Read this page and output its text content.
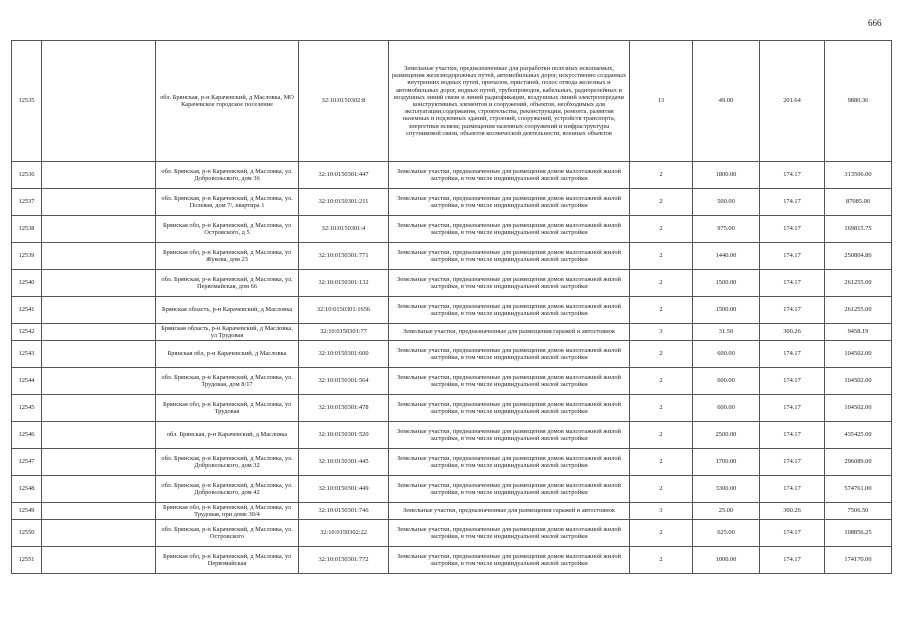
666
12535		обл. Брянская, р-н Карачевский, д Масловка, МО Карачевское городское поселение	32:10:0150302:8	Земельные участки, предназначенные для разработки полезных ископаемых, размещения железнодорожных путей, автомобильных дорог, искусственно созданных внутренних водных путей, причалов, пристаней, полос отвода железных и автомобильных дорог, водных путей, трубопроводов, кабельных, радиорелейных и воздушных линий связи и линий радиофикации, воздушных линий электропередачи конструктивных элементов и сооружений, объектов, необходимых для эксплуатации,содержания, строительства, реконструкции, ремонта, развития наземных и подземных зданий, строений, сооружений, устройств транспорта, энергетики нсвязи; размещения наземных сооружений и инфраструктуры спутниковой связи, объектов космической деятельности, военных объектов	13	49.00	201.64	9880.36
12536		обл. Брянская, р-н Карачевский, д Масловка, ул. Добровольского, дом 36	32:10:0150301:447	Земельные участки, предназначенные для размещения домов малоэтажной жилой застройки, в том числе индивидуальной жилой застройки	2	1800.00	174.17	313506.00
12537		обл. Брянская, р-н Карачевский, д Масловка, ул. Полевая, дом 7/, квартира 1	32:10:0150301:211	Земельные участки, предназначенные для размещения домов малоэтажной жилой застройки, в том числе индивидуальной жилой застройки	2	500.00	174.17	87085.00
12538		Брянская обл, р-н Карачевский, д Масловка, ул Островского, д 5	32:10:0150301:4	Земельные участки, предназначенные для размещения домов малоэтажной жилой застройки, в том числе индивидуальной жилой застройки	2	975.00	174.17	169815.75
12539		Брянская обл, р-н Карачевский, д Масловка, ул Жукова, дом 23	32:10:0150301:771	Земельные участки, предназначенные для размещения домов малоэтажной жилой застройки, в том числе индивидуальной жилой застройки	2	1440.00	174.17	250804.80
12540		обл. Брянская, р-н Карачевский, д Масловка, ул. Первомайская, дом 66	32:10:0150301:132	Земельные участки, предназначенные для размещения домов малоэтажной жилой застройки, в том числе индивидуальной жилой застройки	2	1500.00	174.17	261255.00
12541		Брянская область, р-н Карачевский, д Масловка	32:10:0150301:1656	Земельные участки, предназначенные для размещения домов малоэтажной жилой застройки, в том числе индивидуальной жилой застройки	2	1500.00	174.17	261255.00
12542		Брянская область, р-н Карачевский, д Масловка, ул Трудовая	32:10:0150301:77	Земельные участки, предназначенные для размещения гаражей и автостоянок	3	31.50	300.26	9458.19
12543		Брянская обл, р-н Карачевский, д Масловка	32:10:0150301:600	Земельные участки, предназначенные для размещения домов малоэтажной жилой застройки, в том числе индивидуальной жилой застройки	2	600.00	174.17	104502.00
12544		обл. Брянская, р-н Карачевский, д Масловка, ул. Трудовая, дом 8/17	32:10:0150301:564	Земельные участки, предназначенные для размещения домов малоэтажной жилой застройки, в том числе индивидуальной жилой застройки	2	600.00	174.17	104502.00
12545		Брянская обл, р-н Карачевский, д Масловка, ул Трудовая	32:10:0150301:478	Земельные участки, предназначенные для размещения домов малоэтажной жилой застройки, в том числе индивидуальной жилой застройки	2	600.00	174.17	104502.00
12546		обл. Брянская, р-н Карачевский, д Масловка	32:10:0150301:520	Земельные участки, предназначенные для размещения домов малоэтажной жилой застройки, в том числе индивидуальной жилой застройки	2	2500.00	174.17	435425.00
12547		обл. Брянская, р-н Карачевский, д Масловка, ул. Добровольского, дом 32	32:10:0150301:445	Земельные участки, предназначенные для размещения домов малоэтажной жилой застройки, в том числе индивидуальной жилой застройки	2	1700.00	174.17	296089.00
12548		обл. Брянская, р-н Карачевский, д Масловка, ул. Добровольского, дом 42	32:10:0150301:449	Земельные участки, предназначенные для размещения домов малоэтажной жилой застройки, в том числе индивидуальной жилой застройки	2	3300.00	174.17	574761.00
12549		Брянская обл, р-н Карачевский, д Масловка, ул Трудовая, при доме 30/4	32:10:0150301:746	Земельные участки, предназначенные для размещения гаражей и автостоянок	3	25.00	300.26	7506.50
12550		обл. Брянская, р-н Карачевский, д Масловка, ул. Островского	32:10:0150302:22	Земельные участки, предназначенные для размещения домов малоэтажной жилой застройки, в том числе индивидуальной жилой застройки	2	625.00	174.17	108856.25
12551		Брянская обл, р-н Карачевский, д Масловка, ул Первомайская	32:10:0150301:772	Земельные участки, предназначенные для размещения домов малоэтажной жилой застройки, в том числе индивидуальной жилой застройки	2	1000.00	174.17	174170.00
